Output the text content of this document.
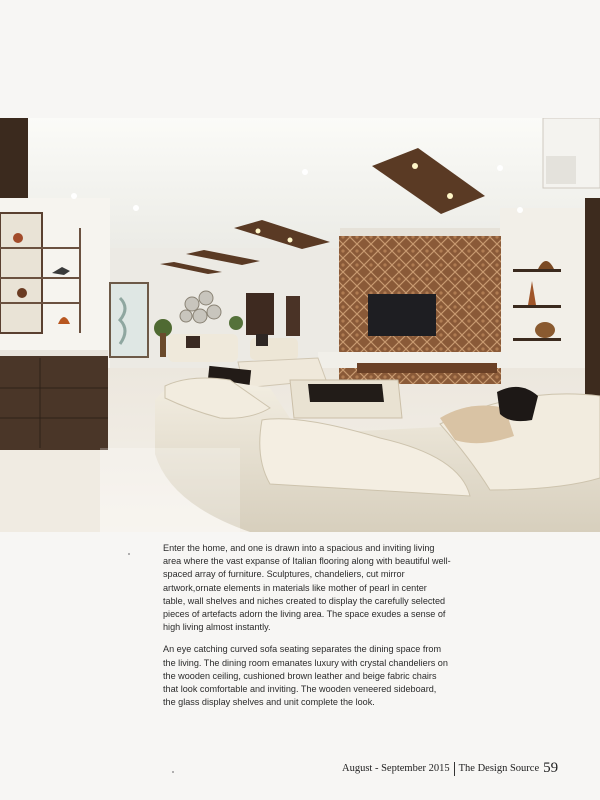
Enter the home, and one is drawn into a spacious and inviting living area where the vast expanse of Italian flooring along with beautiful well-spaced array of furniture. Sculptures, chandeliers, cut mirror artwork,ornate elements in materials like mother of pearl in center table, wall shelves and niches created to display the carefully selected pieces of artefacts adorn the living area. The space exudes a sense of high living almost instantly.

An eye catching curved sofa seating separates the dining space from the living. The dining room emanates luxury with crystal chandeliers on the wooden ceiling, cushioned brown leather and beige fabric chairs that look comfortable and inviting. The wooden veneered sideboard, the glass display shelves and unit complete the look.

August - September 2015 The Design Source 59
